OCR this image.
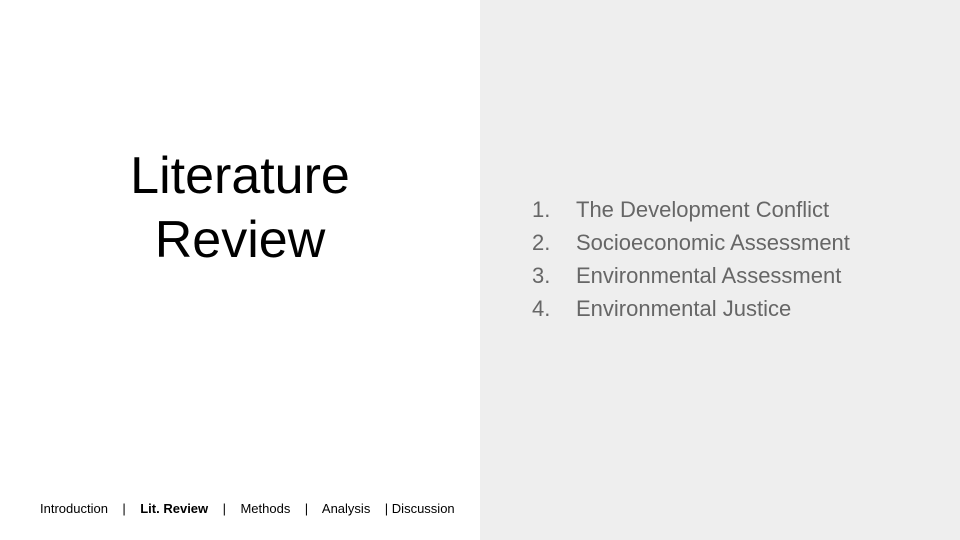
Literature
Review
Introduction | Lit. Review | Methods | Analysis | Discussion
1. The Development Conflict
2. Socioeconomic Assessment
3. Environmental Assessment
4. Environmental Justice
